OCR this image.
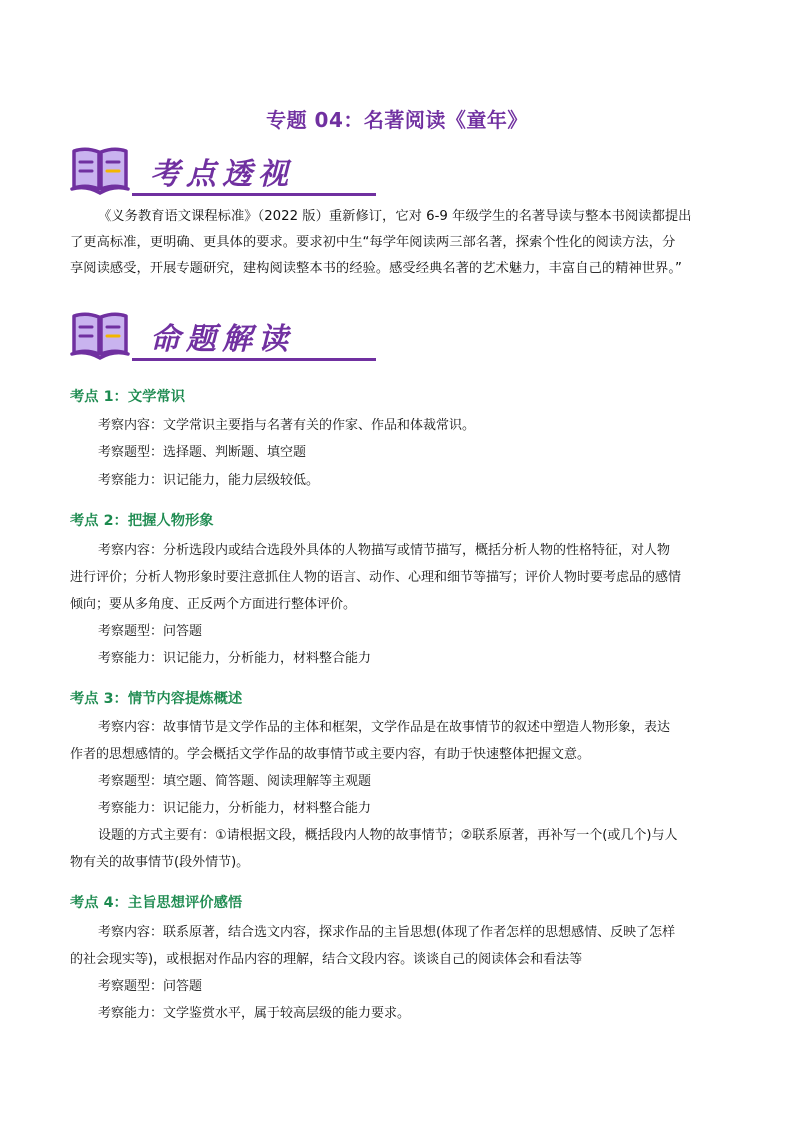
专题 04：名著阅读《童年》
考点透视
《义务教育语文课程标准》（2022 版）重新修订，它对 6-9 年级学生的名著导读与整本书阅读都提出
了更高标准，更明确、更具体的要求。要求初中生“每学年阅读两三部名著，探索个性化的阅读方法，分
享阅读感受，开展专题研究，建构阅读整本书的经验。感受经典名著的艺术魅力，丰富自己的精神世界。”
命题解读
考点 1：文学常识
考察内容：文学常识主要指与名著有关的作家、作品和体裁常识。
考察题型：选择题、判断题、填空题
考察能力：识记能力，能力层级较低。
考点 2：把握人物形象
考察内容：分析选段内或结合选段外具体的人物描写或情节描写，概括分析人物的性格特征，对人物
进行评价；分析人物形象时要注意抓住人物的语言、动作、心理和细节等描写；评价人物时要考虑品的感情
倾向；要从多角度、正反两个方面进行整体评价。
考察题型：问答题
考察能力：识记能力，分析能力，材料整合能力
考点 3：情节内容提炼概述
考察内容：故事情节是文学作品的主体和框架，文学作品是在故事情节的叙述中塑造人物形象，表达
作者的思想感情的。学会概括文学作品的故事情节或主要内容，有助于快速整体把握文意。
考察题型：填空题、简答题、阅读理解等主观题
考察能力：识记能力，分析能力，材料整合能力
设题的方式主要有：①请根据文段，概括段内人物的故事情节；②联系原著，再补写一个(或几个)与人
物有关的故事情节(段外情节)。
考点 4：主旨思想评价感悟
考察内容：联系原著，结合选文内容，探求作品的主旨思想(体现了作者怎样的思想感情、反映了怎样
的社会现实等)，或根据对作品内容的理解，结合文段内容。谈谈自己的阅读体会和看法等
考察题型：问答题
考察能力：文学鉴赏水平，属于较高层级的能力要求。
